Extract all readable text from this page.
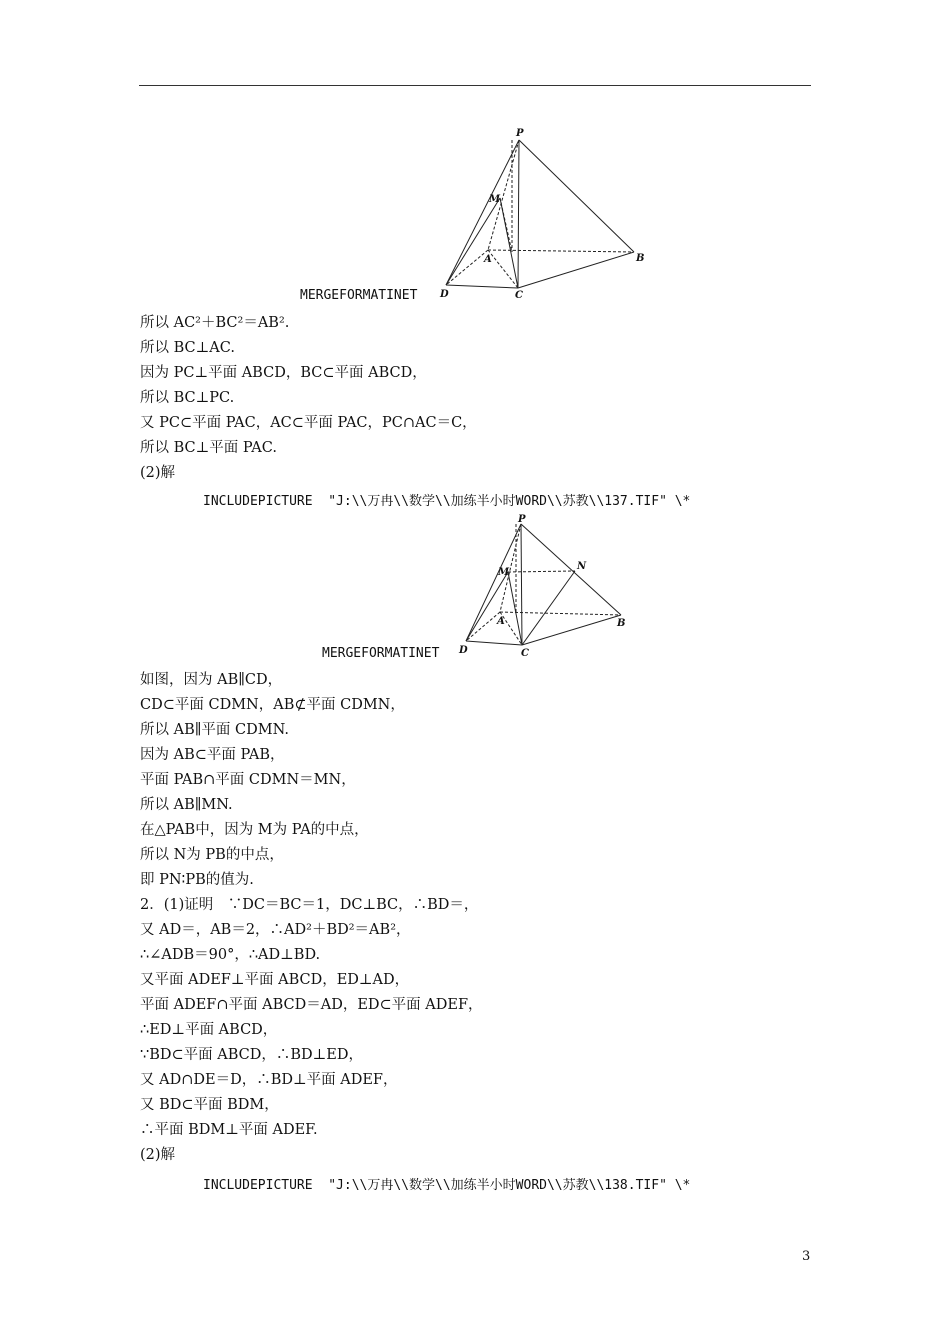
P
M
A	B
C
D
MERGEFORMATINET
所以 AC²＋BC²＝AB².
所以 BC⊥AC.
因为 PC⊥平面 ABCD，BC⊂平面 ABCD，
所以 BC⊥PC.
又 PC⊂平面 PAC，AC⊂平面 PAC，PC∩AC＝C，
所以 BC⊥平面 PAC.
(2)解
INCLUDEPICTURE  "J:\\万冉\\数学\\加练半小时WORD\\苏教\\137.TIF" \*
P
M
N
A	B
C
D
MERGEFORMATINET
如图，因为 AB∥CD，
CD⊂平面 CDMN，AB⊄平面 CDMN，
所以 AB∥平面 CDMN.
因为 AB⊂平面 PAB，
平面 PAB∩平面 CDMN＝MN，
所以 AB∥MN.
在△PAB中，因为 M为 PA的中点，
所以 N为 PB的中点，
即 PN∶PB的值为.
2．(1)证明　∵DC＝BC＝1，DC⊥BC，∴BD＝，
又 AD＝，AB＝2，∴AD²＋BD²＝AB²，
∴∠ADB＝90°，∴AD⊥BD.
又平面 ADEF⊥平面 ABCD，ED⊥AD，
平面 ADEF∩平面 ABCD＝AD，ED⊂平面 ADEF，
∴ED⊥平面 ABCD，
∵BD⊂平面 ABCD，∴BD⊥ED，
又 AD∩DE＝D，∴BD⊥平面 ADEF，
又 BD⊂平面 BDM，
∴平面 BDM⊥平面 ADEF.
(2)解
INCLUDEPICTURE  "J:\\万冉\\数学\\加练半小时WORD\\苏教\\138.TIF" \*
3
